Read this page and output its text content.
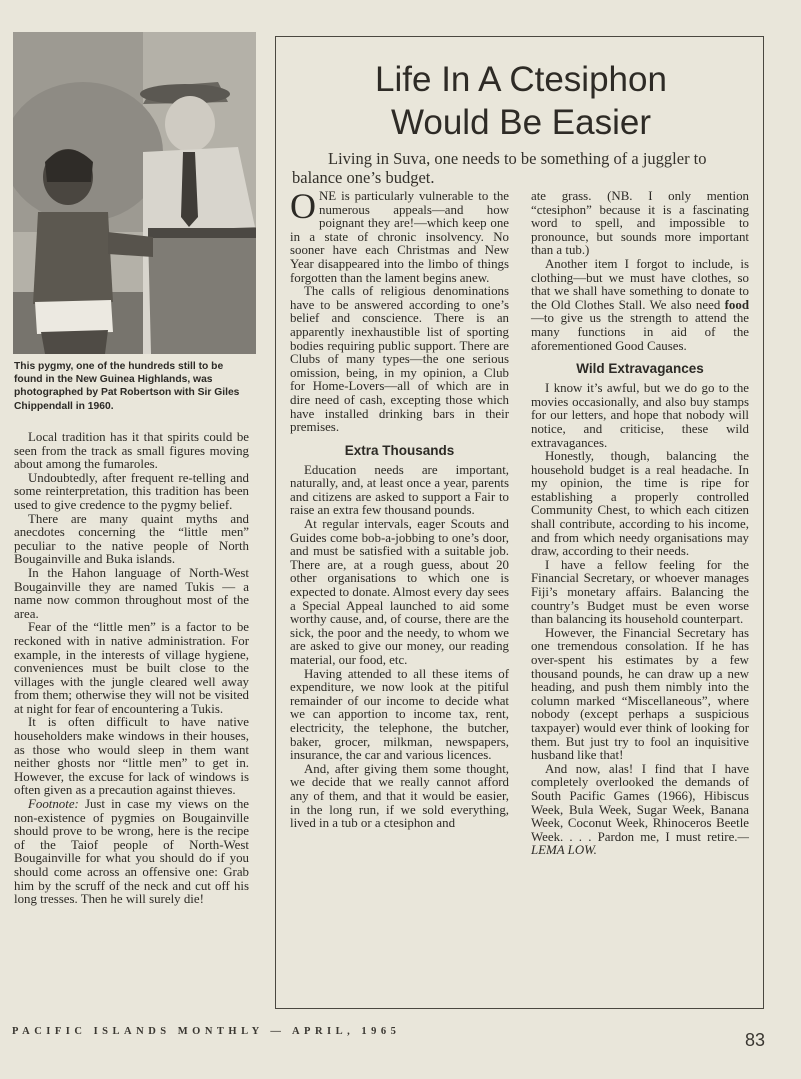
This pygmy, one of the hundreds still to be found in the New Guinea Highlands, was photographed by Pat Robertson with Sir Giles Chippendall in 1960.

Local tradition has it that spirits could be seen from the track as small figures moving about among the fumaroles.

Undoubtedly, after frequent re-telling and some reinterpretation, this tradition has been used to give credence to the pygmy belief.

There are many quaint myths and anecdotes concerning the “little men” peculiar to the native people of North Bougainville and Buka islands.

In the Hahon language of North-West Bougainville they are named Tukis — a name now common throughout most of the area.

Fear of the “little men” is a factor to be reckoned with in native administration. For example, in the interests of village hygiene, conveniences must be built close to the villages with the jungle cleared well away from them; otherwise they will not be visited at night for fear of encountering a Tukis.

It is often difficult to have native householders make windows in their houses, as those who would sleep in them want neither ghosts nor “little men” to get in. However, the excuse for lack of windows is often given as a precaution against thieves.

Footnote: Just in case my views on the non-existence of pygmies on Bougainville should prove to be wrong, here is the recipe of the Taiof people of North-West Bougainville for what you should do if you should come across an offensive one: Grab him by the scruff of the neck and cut off his long tresses. Then he will surely die!

Life In A Ctesiphon
Would Be Easier
Living in Suva, one needs to be something of a juggler to balance one’s budget.

ONE is particularly vulnerable to the numerous appeals—and how poignant they are!—which keep one in a state of chronic insolvency. No sooner have each Christmas and New Year disappeared into the limbo of things forgotten than the lament begins anew.

The calls of religious denominations have to be answered according to one’s belief and conscience. There is an apparently inexhaustible list of sporting bodies requiring public support. There are Clubs of many types—the one serious omission, being, in my opinion, a Club for Home-Lovers—all of which are in dire need of cash, excepting those which have installed drinking bars in their premises.

Extra Thousands

Education needs are important, naturally, and, at least once a year, parents and citizens are asked to support a Fair to raise an extra few thousand pounds.

At regular intervals, eager Scouts and Guides come bob-a-jobbing to one’s door, and must be satisfied with a suitable job. There are, at a rough guess, about 20 other organisations to which one is expected to donate. Almost every day sees a Special Appeal launched to aid some worthy cause, and, of course, there are the sick, the poor and the needy, to whom we are asked to give our money, our reading material, our food, etc.

Having attended to all these items of expenditure, we now look at the pitiful remainder of our income to decide what we can apportion to income tax, rent, electricity, the telephone, the butcher, baker, grocer, milkman, newspapers, insurance, the car and various licences.

And, after giving them some thought, we decide that we really cannot afford any of them, and that it would be easier, in the long run, if we sold everything, lived in a tub or a ctesiphon and

ate grass. (NB. I only mention “ctesiphon” because it is a fascinating word to spell, and impossible to pronounce, but sounds more important than a tub.)

Another item I forgot to include, is clothing—but we must have clothes, so that we shall have something to donate to the Old Clothes Stall. We also need food —to give us the strength to attend the many functions in aid of the aforementioned Good Causes.

Wild Extravagances

I know it’s awful, but we do go to the movies occasionally, and also buy stamps for our letters, and hope that nobody will notice, and criticise, these wild extravagances.

Honestly, though, balancing the household budget is a real headache. In my opinion, the time is ripe for establishing a properly controlled Community Chest, to which each citizen shall contribute, according to his income, and from which needy organisations may draw, according to their needs.

I have a fellow feeling for the Financial Secretary, or whoever manages Fiji’s monetary affairs. Balancing the country’s Budget must be even worse than balancing its household counterpart.

However, the Financial Secretary has one tremendous consolation. If he has over-spent his estimates by a few thousand pounds, he can draw up a new heading, and push them nimbly into the column marked “Miscellaneous”, where nobody (except perhaps a suspicious taxpayer) would ever think of looking for them. But just try to fool an inquisitive husband like that!

And now, alas! I find that I have completely overlooked the demands of South Pacific Games (1966), Hibiscus Week, Bula Week, Sugar Week, Banana Week, Coconut Week, Rhinoceros Beetle Week. . . . Pardon me, I must retire.—LEMA LOW.

PACIFIC ISLANDS MONTHLY — APRIL, 1965	83
